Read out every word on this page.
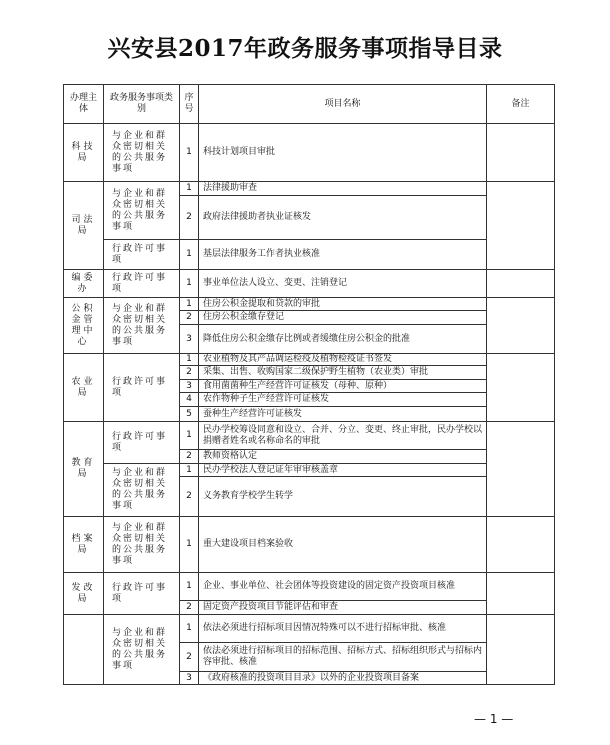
兴安县2017年政务服务事项指导目录
办理主体	政务服务事项类别	序号	项目名称	备注
科技局	与企业和群众密切相关的公共服务事项	1	科技计划项目审批	
司法局	与企业和群众密切相关的公共服务事项	1	法律援助审查	
		2	政府法律援助者执业证核发	
	行政许可事项	1	基层法律服务工作者执业核准	
编委办	行政许可事项	1	事业单位法人设立、变更、注销登记	
公积金管理中心	与企业和群众密切相关的公共服务事项	1	住房公积金提取和贷款的审批	
		2	住房公积金缴存登记	
		3	降低住房公积金缴存比例或者缓缴住房公积金的批准	
农业局	行政许可事项	1	农业植物及其产品调运检疫及植物检疫证书签发	
		2	采集、出售、收购国家二级保护野生植物（农业类）审批	
		3	食用菌菌种生产经营许可证核发（母种、原种）	
		4	农作物种子生产经营许可证核发	
		5	蚕种生产经营许可证核发	
教育局	行政许可事项	1	民办学校筹设同意和设立、合并、分立、变更、终止审批，民办学校以捐赠者姓名或名称命名的审批	
		2	教师资格认定	
	与企业和群众密切相关的公共服务事项	1	民办学校法人登记证年审审核盖章	
		2	义务教育学校学生转学	
档案局	与企业和群众密切相关的公共服务事项	1	重大建设项目档案验收	
发改局	行政许可事项	1	企业、事业单位、社会团体等投资建设的固定资产投资项目核准	
		2	固定资产投资项目节能评估和审查	
	与企业和群众密切相关的公共服务事项	1	依法必须进行招标项目因情况特殊可以不进行招标审批、核准	
		2	依法必须进行招标项目的招标范围、招标方式、招标组织形式与招标内容审批、核准	
		3	《政府核准的投资项目目录》以外的企业投资项目备案	
— 1 —
